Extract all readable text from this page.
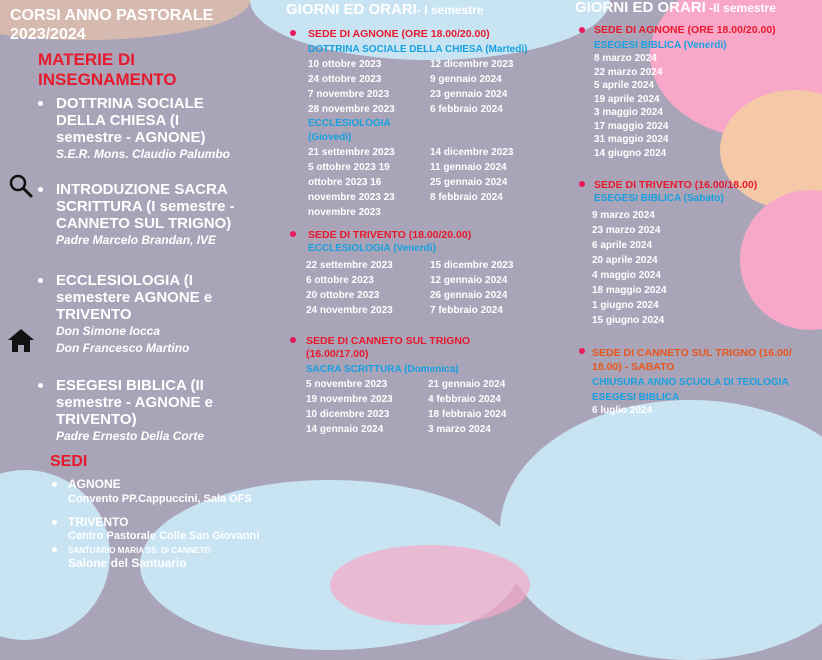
CORSI ANNO PASTORALE
2023/2024
MATERIE DI
INSEGNAMENTO
DOTTRINA SOCIALE
DELLA CHIESA (I
semestre - AGNONE)
S.E.R. Mons. Claudio Palumbo
INTRODUZIONE SACRA
SCRITTURA (I semestre -
CANNETO SUL TRIGNO)
Padre Marcelo Brandan, IVE
ECCLESIOLOGIA (I
semestere AGNONE e
TRIVENTO
Don Simone Iocca
Don Francesco Martino
ESEGESI BIBLICA (II
semestre - AGNONE e
TRIVENTO)
Padre Ernesto Della Corte
SEDI
AGNONE
Convento PP.Cappuccini, Sala OFS
TRIVENTO
Centro Pastorale Colle San Giovanni
SANTUARIO MARIA SS. DI CANNETO
Salone del Santuario
GIORNI ED ORARI- I semestre
SEDE DI AGNONE (ORE 18.00/20.00)
DOTTRINA SOCIALE DELLA CHIESA (Martedì)
10 ottobre 2023
24 ottobre 2023
7 novembre 2023
28 novembre 2023
12 dicembre 2023
9 gennaio 2024
23 gennaio 2024
6 febbraio 2024
ECCLESIOLOGIA
(Giovedì)
21 settembre 2023
5 ottobre 2023 19
ottobre 2023 16
novembre 2023 23
novembre 2023
14 dicembre 2023
11 gennaio 2024
25 gennaio 2024
8 febbraio 2024
SEDE DI TRIVENTO (18.00/20.00)
ECCLESIOLOGIA (Venerdì)
22 settembre 2023
6 ottobre 2023
20 ottobre 2023
24 novembre 2023
15 dicembre 2023
12 gennaio 2024
26 gennaio 2024
7 febbraio 2024
SEDE DI CANNETO SUL TRIGNO
(16.00/17.00)
SACRA SCRITTURA (Domenica)
5 novembre 2023
19 novembre 2023
10 dicembre 2023
14 gennaio 2024
21 gennaio 2024
4 febbraio 2024
18 febbraio 2024
3 marzo 2024
GIORNI ED ORARI -II semestre
SEDE DI AGNONE (ORE 18.00/20.00)
ESEGESI BIBLICA (Venerdì)
8 marzo 2024
22 marzo 2024
5 aprile 2024
19 aprile 2024
3 maggio 2024
17 maggio 2024
31 maggio 2024
14 giugno 2024
SEDE DI TRIVENTO (16.00/18.00)
ESEGESI BIBLICA (Sabato)
9 marzo 2024
23 marzo 2024
6 aprile 2024
20 aprile 2024
4 maggio 2024
18 maggio 2024
1 giugno 2024
15 giugno 2024
SEDE DI CANNETO SUL TRIGNO (16.00/
18.00) - SABATO
CHIUSURA ANNO SCUOLA DI TEOLOGIA
ESEGESI BIBLICA
6 luglio 2024
